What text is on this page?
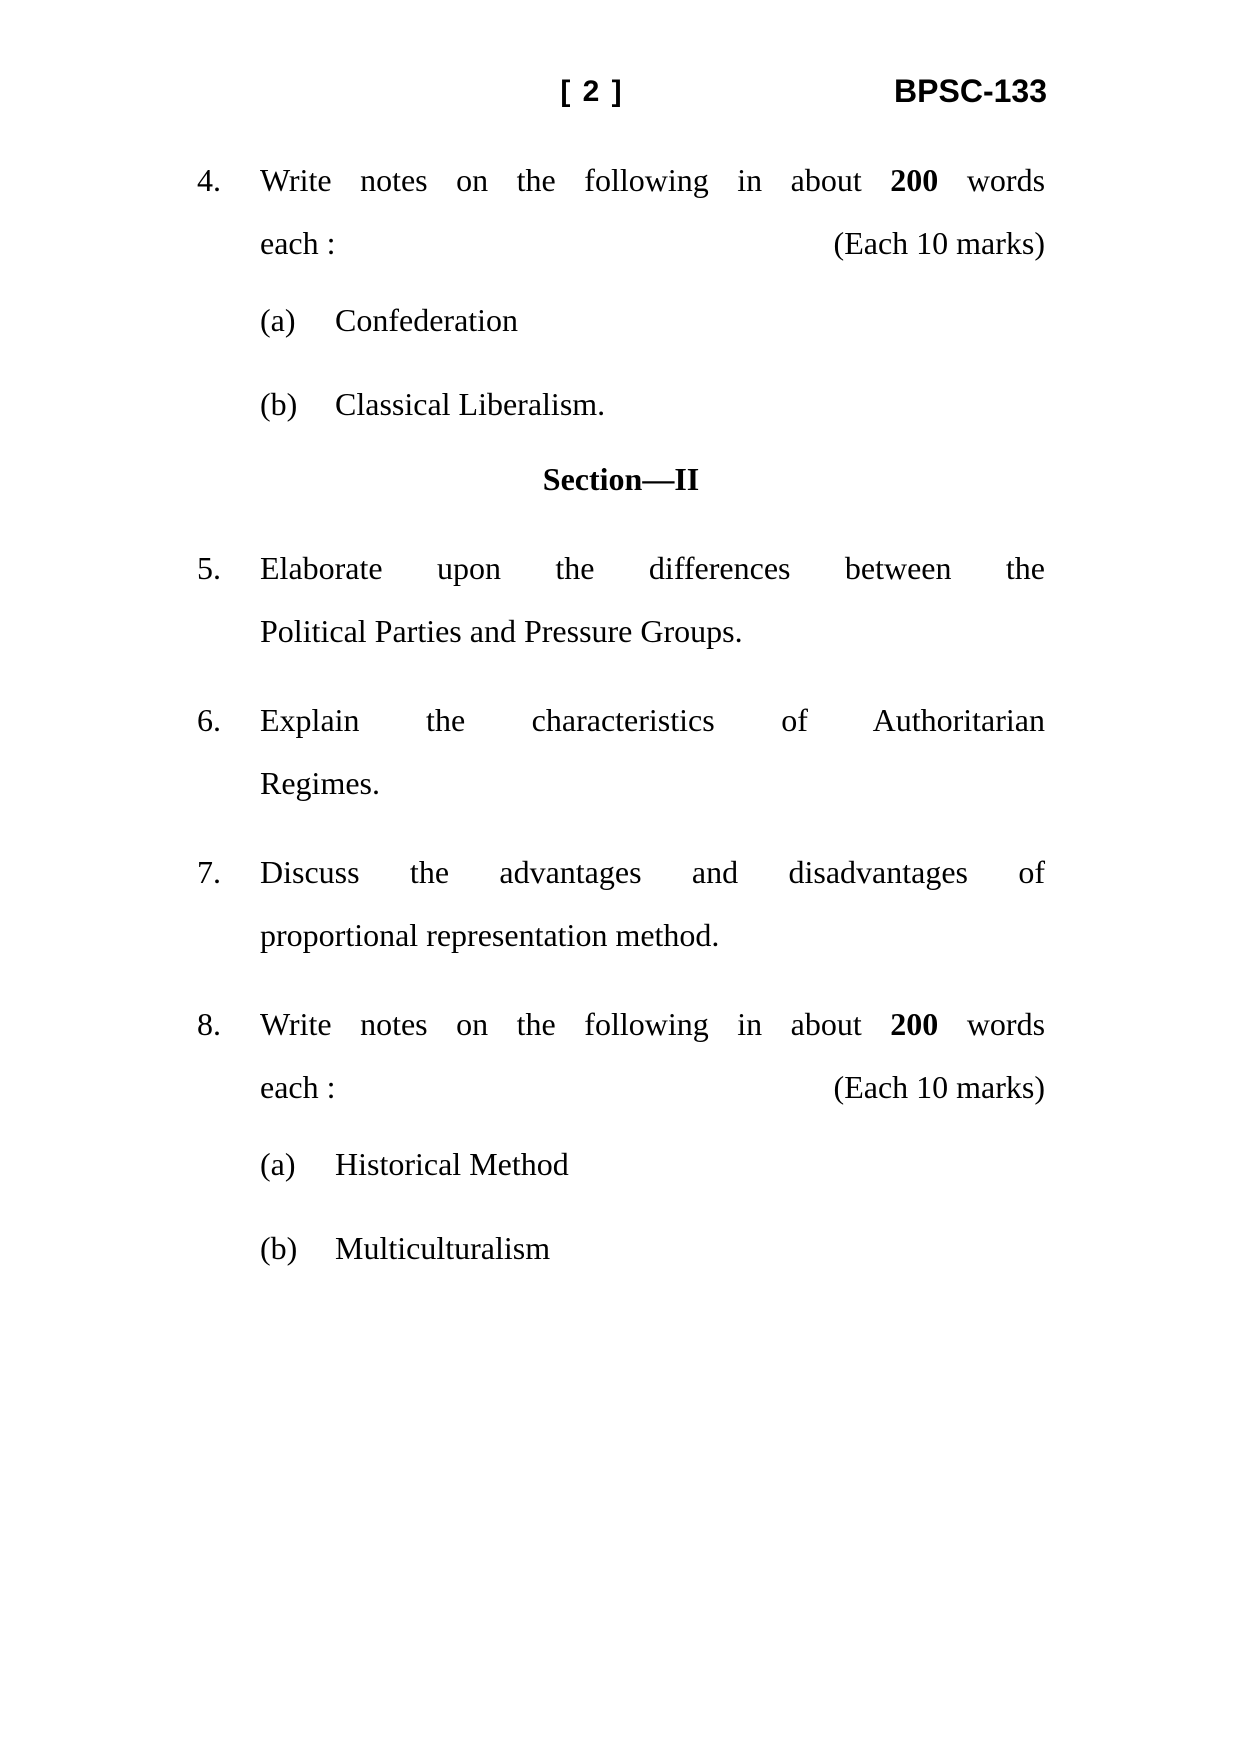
[ 2 ]	BPSC-133
4.	Write notes on the following in about 200 words
each :	(Each 10 marks)
(a)	Confederation
(b)	Classical Liberalism.
Section—II
5.	Elaborate upon the differences between the
Political Parties and Pressure Groups.
6.	Explain the characteristics of Authoritarian
Regimes.
7.	Discuss the advantages and disadvantages of
proportional representation method.
8.	Write notes on the following in about 200 words
each :	(Each 10 marks)
(a)	Historical Method
(b)	Multiculturalism
